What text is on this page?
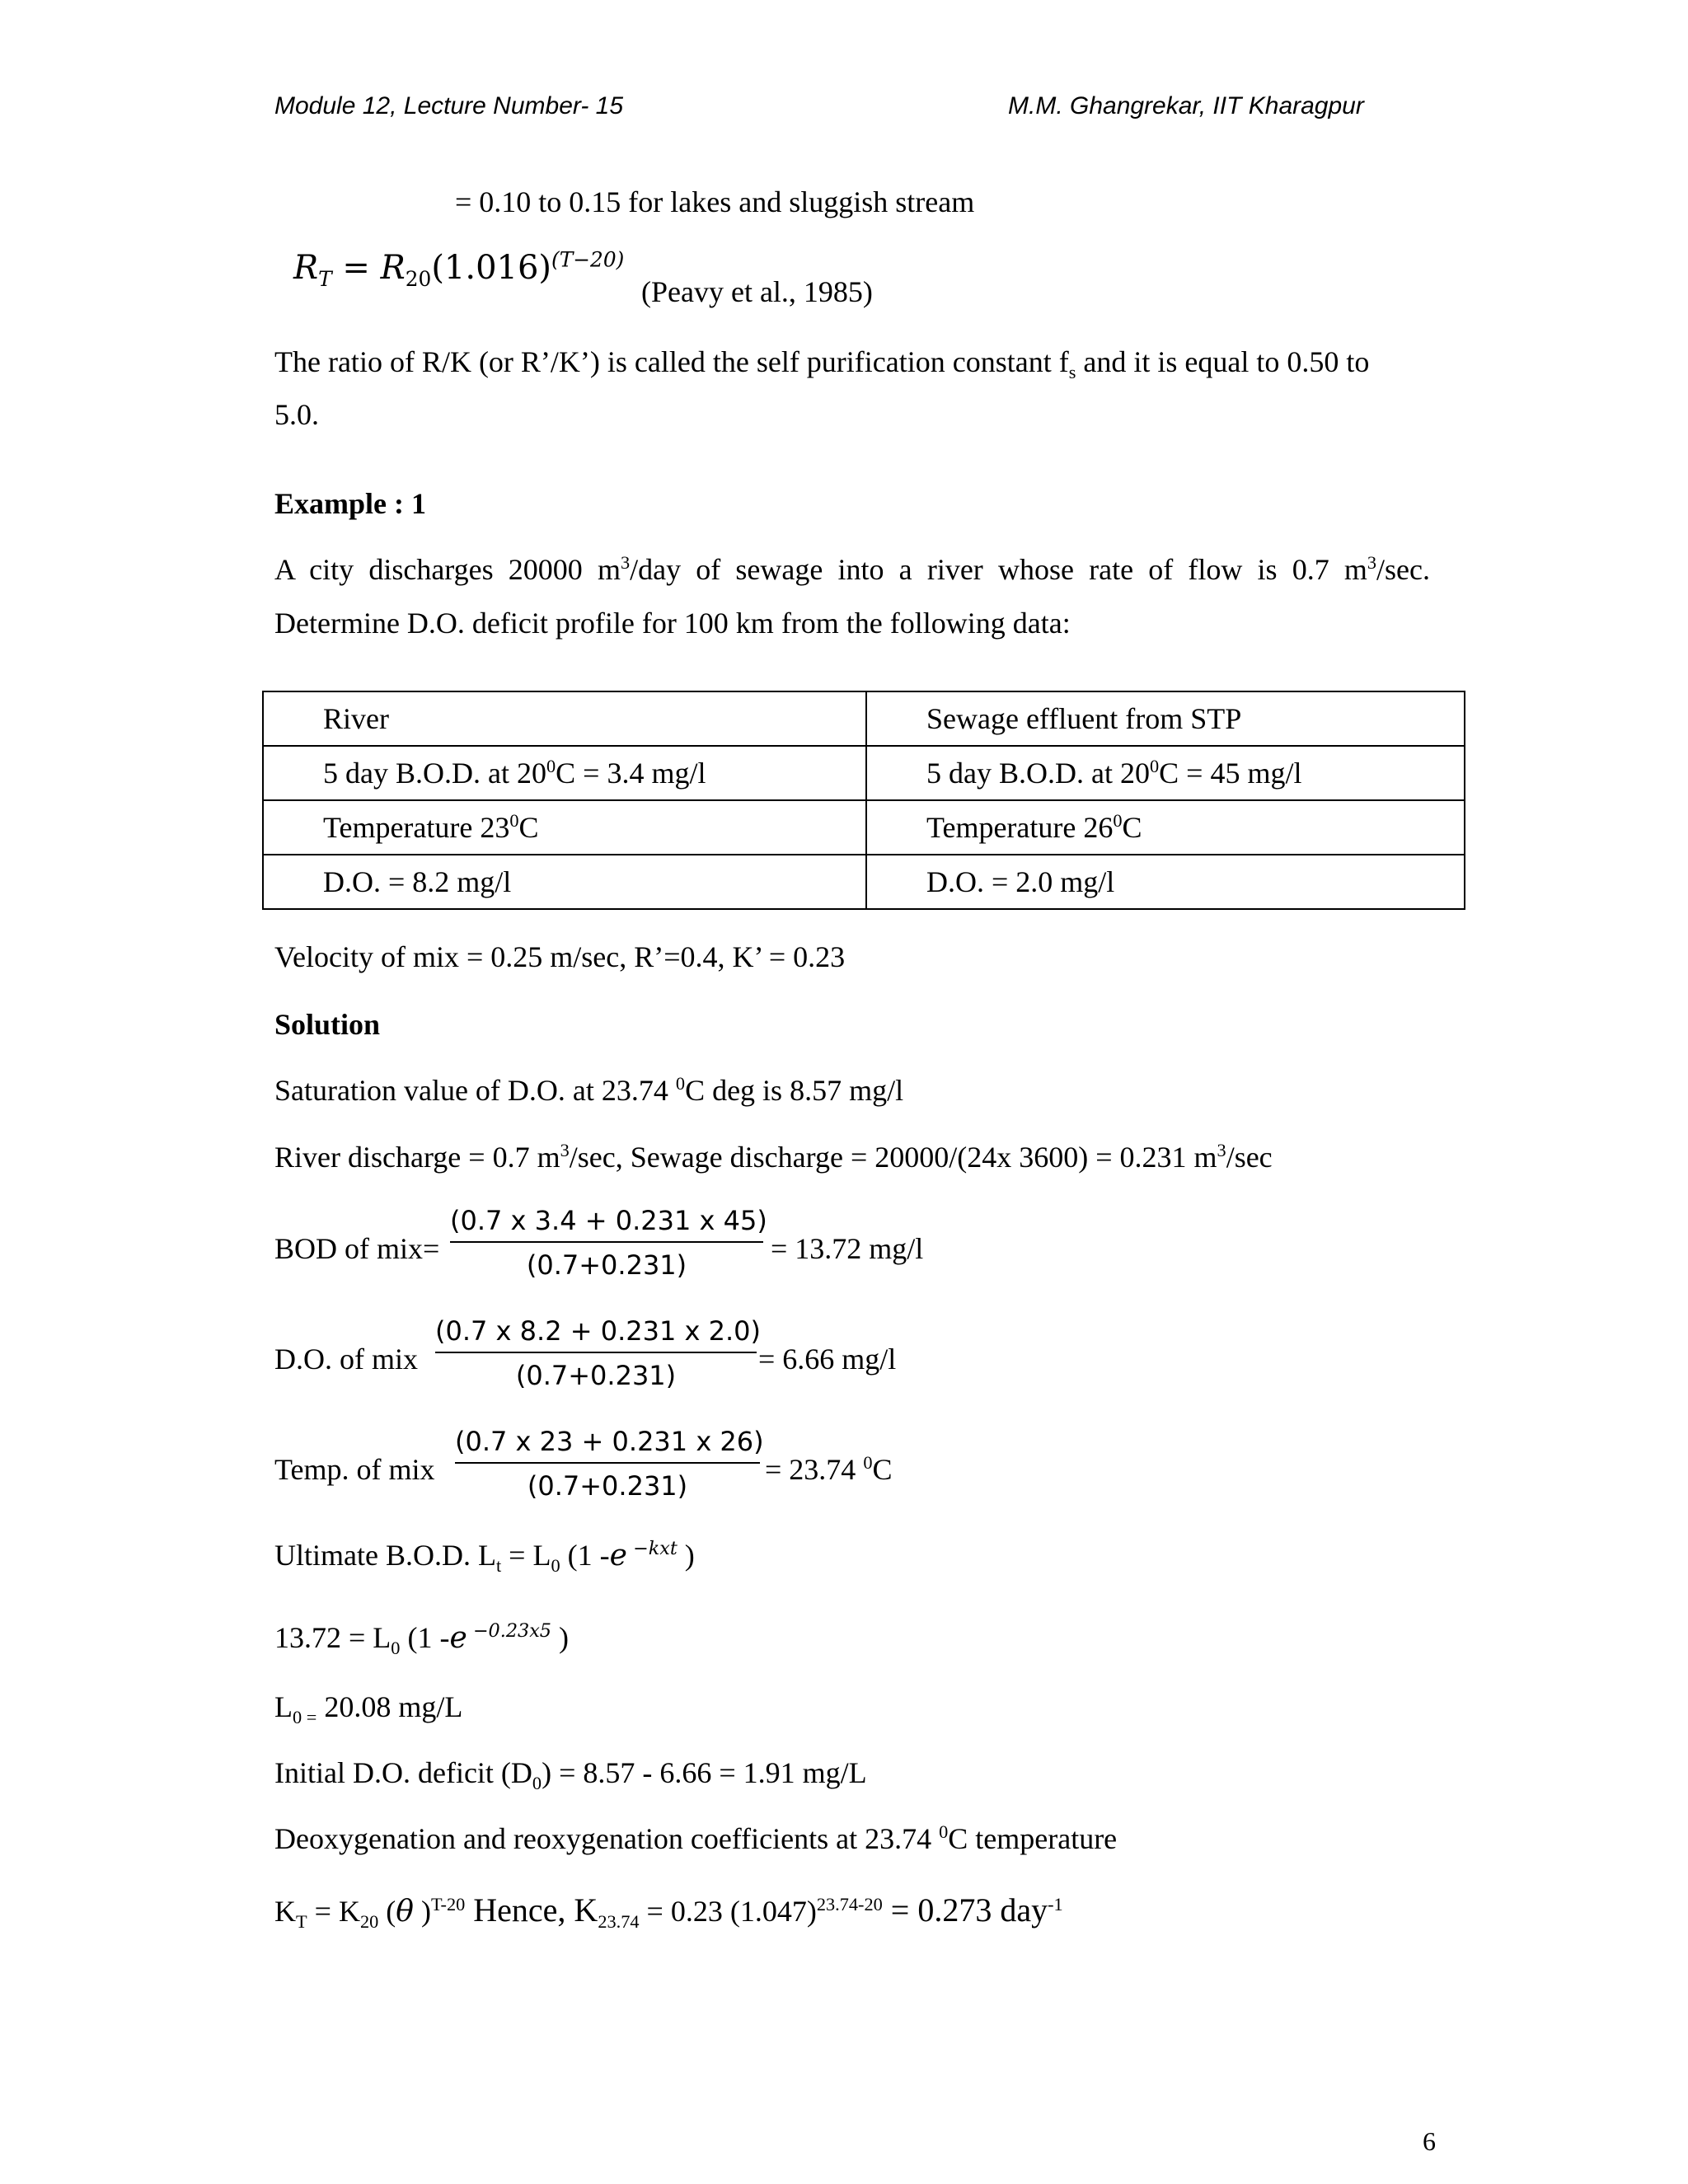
Module 12, Lecture Number- 15	M.M. Ghangrekar, IIT Kharagpur
= 0.10 to 0.15 for lakes and sluggish stream
$R_T = R_{20}(1.016)^{(T-20)}$
(Peavy et al., 1985)
The ratio of R/K (or R’/K’) is called the self purification constant $f_s$ and it is equal to 0.50 to
5.0.
Example : 1
A city discharges 20000 $m^3$/day of sewage into a river whose rate of flow is 0.7 $m^3/\sec$.
Determine D.O. deficit profile for 100 km from the following data:
River	Sewage effluent from STP
5 day B.O.D. at $20^0C = 3.4$ mg/l	5 day B.O.D. at $20^0C = 45$ mg/l
Temperature $23^0C$	Temperature $26^0C$
D.O. = 8.2 mg/l	D.O. = 2.0 mg/l
Velocity of mix = 0.25 m/sec, R’=0.4, K’ = 0.23
Solution
Saturation value of D.O. at 23.74 $^0$C deg is 8.57 mg/l
River discharge = 0.7 $m^3/\sec$, Sewage discharge = 20000/(24x 3600) = 0.231 $m^3/\sec$
BOD of mix=
(0.7 x 3.4 + 0.231 x 45)
(0.7+0.231)	= 13.72 mg/l
D.O. of mix
(0.7 x 8.2 + 0.231 x 2.0)
(0.7+0.231)	= 6.66 mg/l
Temp. of mix
(0.7 x 23 + 0.231 x 26)
(0.7+0.231)	= 23.74 $^0$C
Ultimate B.O.D. $L_t = L_0$ (1 -e $^{-kxt}$ )
$13.72 = L_0$ (1 -e $^{-0.23x5}$ )
$L_{0 =}$ 20.08 mg/L
Initial D.O. deficit $(D_0) = 8.57 - 6.66 = 1.91$ mg/L
Deoxygenation and reoxygenation coefficients at 23.74 $^0$C temperature
$K_T = K_{20}$ (θ )$^{T-20}$ Hence, $K_{23.74} = 0.23$ $(1.047)^{23.74-20} = 0.273$ day$^{-1}$
6
